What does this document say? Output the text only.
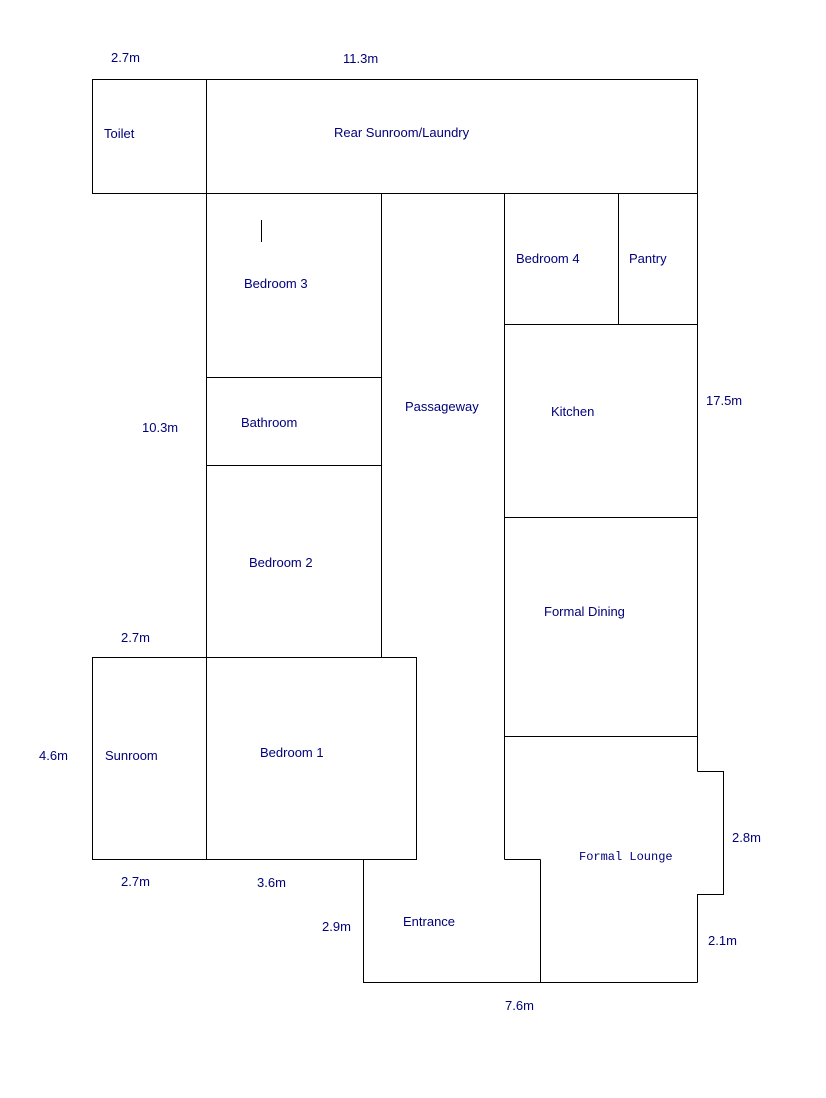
Toilet	Rear Sunroom/Laundry
Bedroom 3
Bathroom
Bedroom 2
Passageway
Bedroom 4	Pantry
Kitchen
Formal Dining
Sunroom	Bedroom 1
Formal Lounge
Entrance
2.7m	11.3m
10.3m
17.5m
2.7m
4.6m
2.7m	3.6m
2.9m
2.8m
2.1m
7.6m
